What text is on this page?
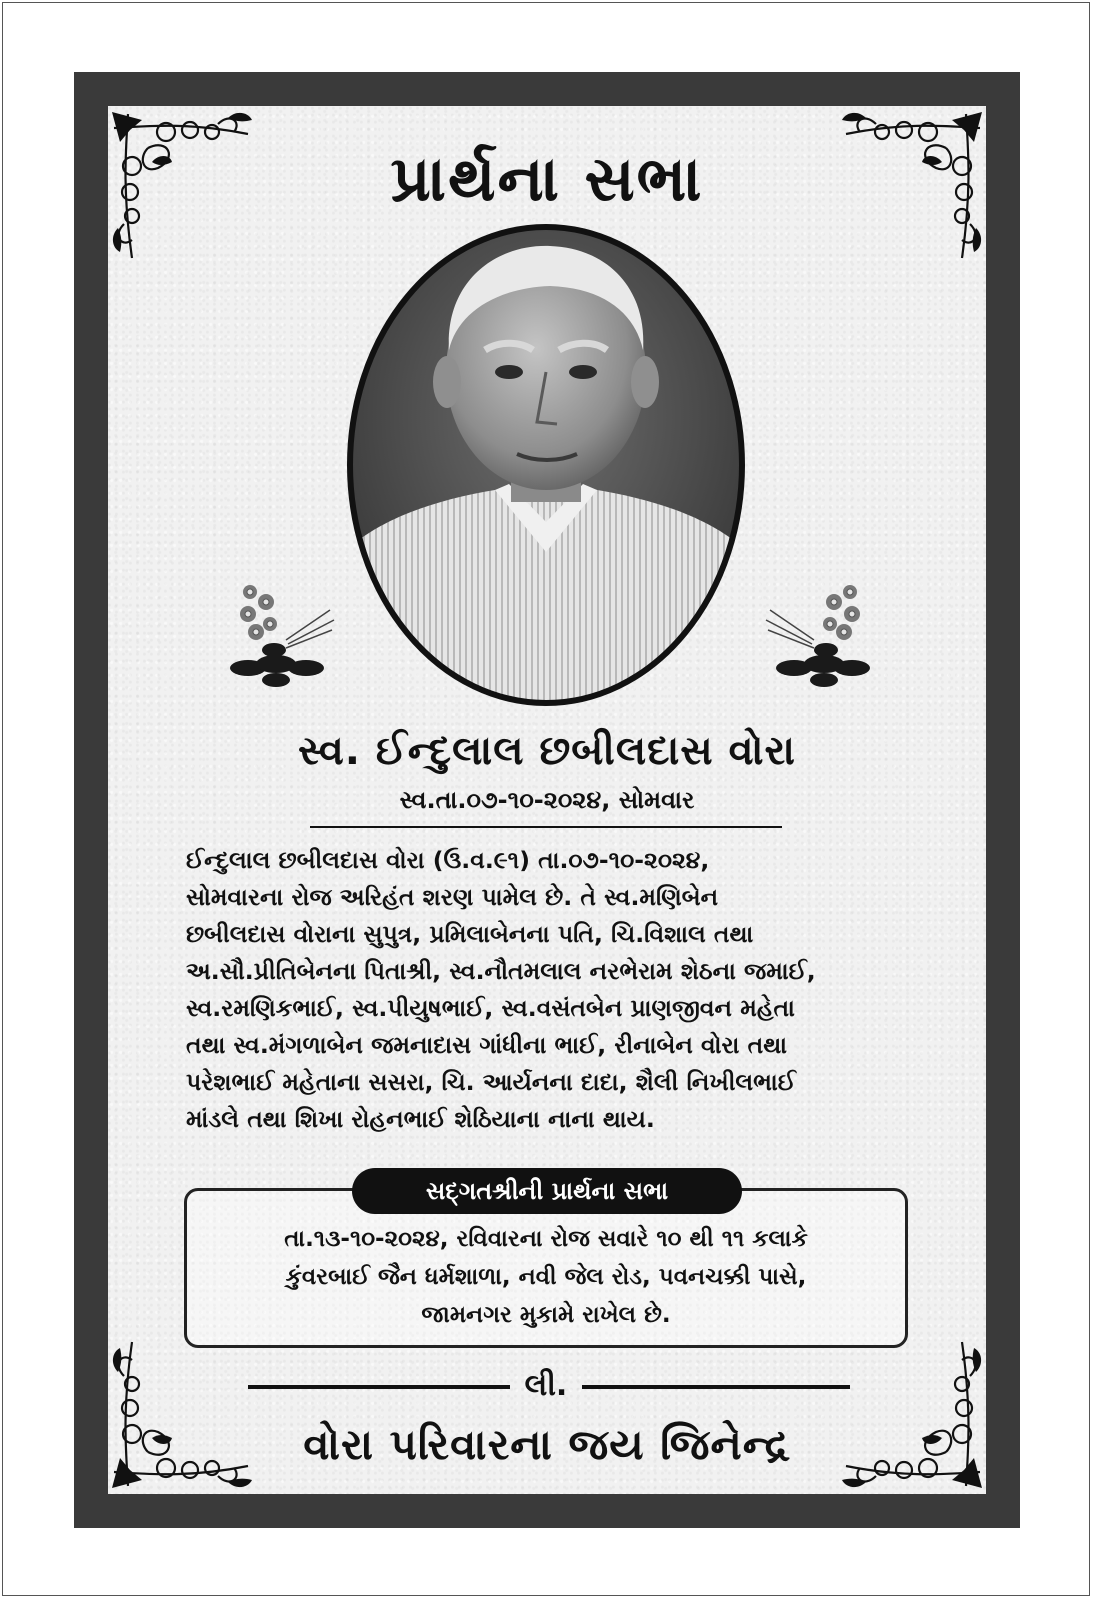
પ્રાર્થના સભા
સ્વ. ઈન્દુલાલ છબીલદાસ વોરા
સ્વ.તા.૦૭-૧૦-૨૦૨૪, સોમવાર
ઈન્દુલાલ છબીલદાસ વોરા (ઉ.વ.૯૧) તા.૦૭-૧૦-૨૦૨૪,
સોમવારના રોજ અરિહંત શરણ પામેલ છે. તે સ્વ.મણિબેન
છબીલદાસ વોરાના સુપુત્ર, પ્રમિલાબેનના પતિ, ચિ.વિશાલ તથા
અ.સૌ.પ્રીતિબેનના પિતાશ્રી, સ્વ.નૌતમલાલ નરભેરામ શેઠના જમાઈ,
સ્વ.રમણિકભાઈ, સ્વ.પીયુષભાઈ, સ્વ.વસંતબેન પ્રાણજીવન મહેતા
તથા સ્વ.મંગળાબેન જમનાદાસ ગાંધીના ભાઈ, રીનાબેન વોરા તથા
પરેશભાઈ મહેતાના સસરા, ચિ. આર્યનના દાદા, શૈલી નિખીલભાઈ
માંડલે તથા શિખા રોહનભાઈ શેઠિયાના નાના થાય.
સદ્ગતશ્રીની પ્રાર્થના સભા
તા.૧૩-૧૦-૨૦૨૪, રવિવારના રોજ સવારે ૧૦ થી ૧૧ કલાકે
કુંવરબાઈ જૈન ધર્મશાળા, નવી જેલ રોડ, પવનચક્કી પાસે,
જામનગર મુકામે રાખેલ છે.
લી.
વોરા પરિવારના જય જિનેન્દ્ર
